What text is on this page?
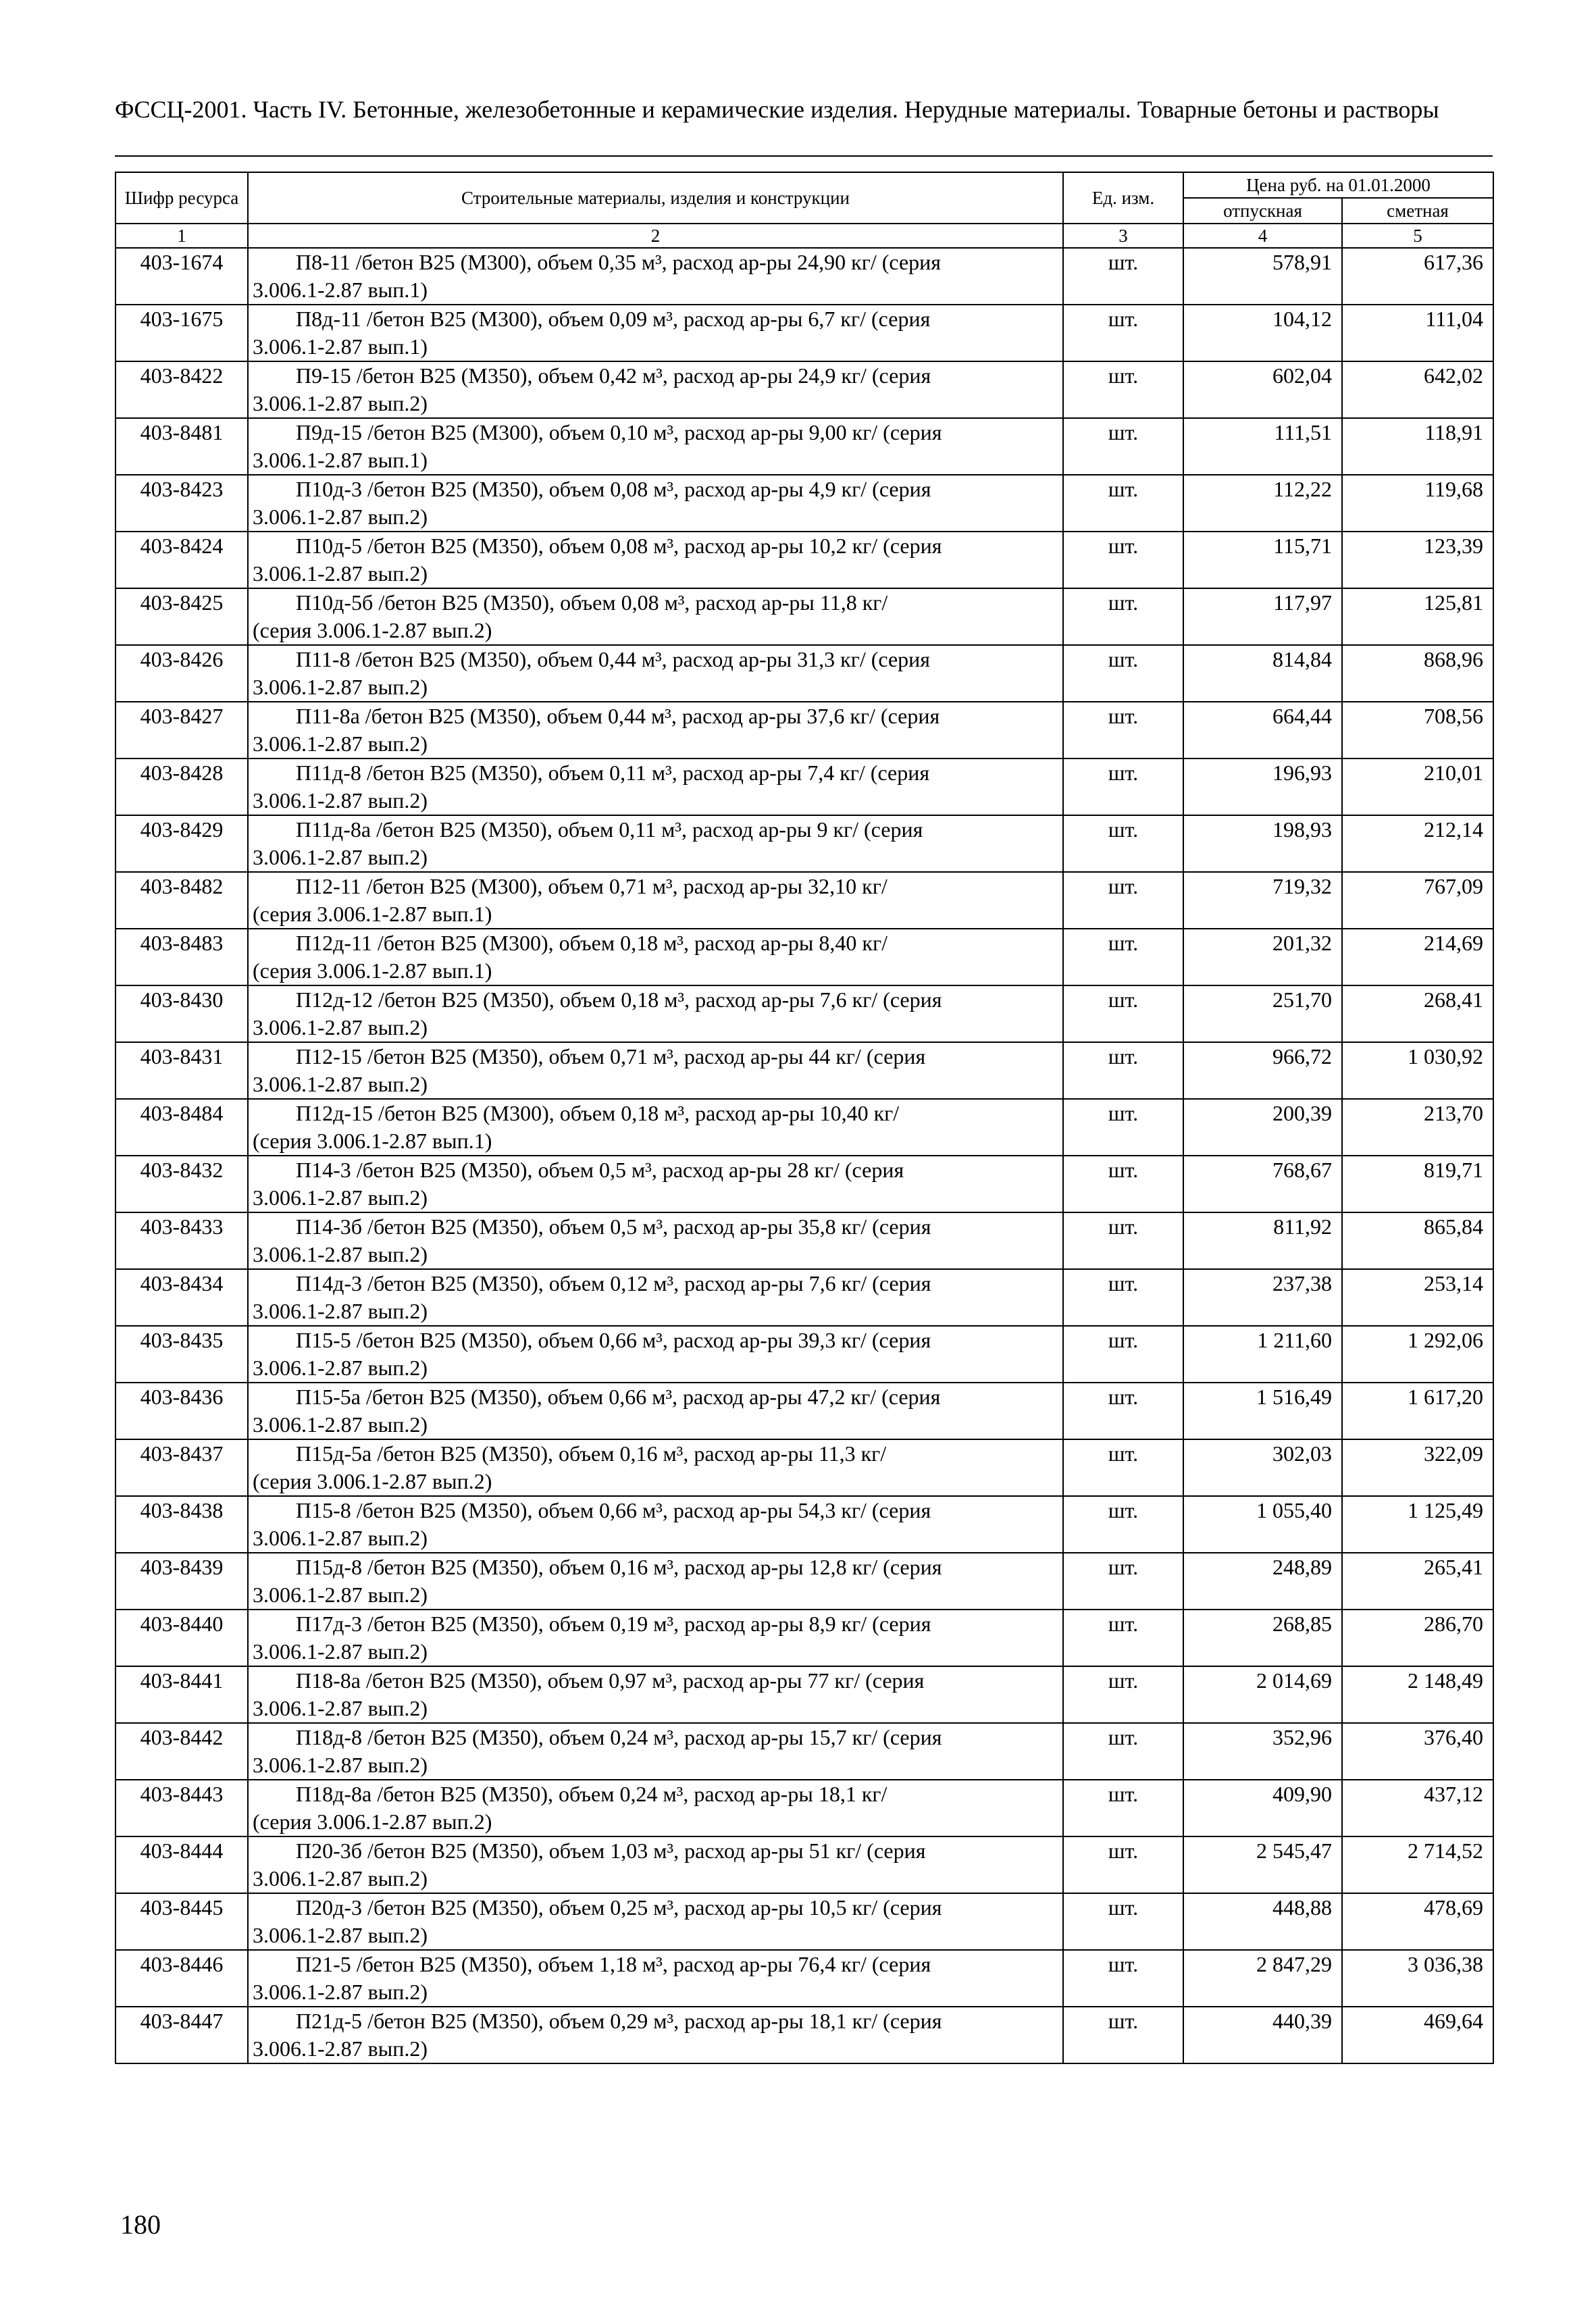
ФССЦ-2001. Часть IV. Бетонные, железобетонные и керамические изделия. Нерудные материалы. Товарные бетоны и растворы
Шифр ресурса	Строительные материалы, изделия и конструкции	Ед. изм.	Цена руб. на 01.01.2000	
			отпускная	сметная
1	2	3	4	5
403-1674	П8-11 /бетон В25 (М300), объем 0,35 м³, расход ар-ры 24,90 кг/ (серия
3.006.1-2.87 вып.1)	шт.	578,91	617,36
403-1675	П8д-11 /бетон В25 (М300), объем 0,09 м³, расход ар-ры 6,7 кг/ (серия
3.006.1-2.87 вып.1)	шт.	104,12	111,04
403-8422	П9-15 /бетон В25 (М350), объем 0,42 м³, расход ар-ры 24,9 кг/ (серия
3.006.1-2.87 вып.2)	шт.	602,04	642,02
403-8481	П9д-15 /бетон В25 (М300), объем 0,10 м³, расход ар-ры 9,00 кг/ (серия
3.006.1-2.87 вып.1)	шт.	111,51	118,91
403-8423	П10д-3 /бетон В25 (М350), объем 0,08 м³, расход ар-ры 4,9 кг/ (серия
3.006.1-2.87 вып.2)	шт.	112,22	119,68
403-8424	П10д-5 /бетон В25 (М350), объем 0,08 м³, расход ар-ры 10,2 кг/ (серия
3.006.1-2.87 вып.2)	шт.	115,71	123,39
403-8425	П10д-5б /бетон В25 (М350), объем 0,08 м³, расход ар-ры 11,8 кг/
(серия 3.006.1-2.87 вып.2)	шт.	117,97	125,81
403-8426	П11-8 /бетон В25 (М350), объем 0,44 м³, расход ар-ры 31,3 кг/ (серия
3.006.1-2.87 вып.2)	шт.	814,84	868,96
403-8427	П11-8а /бетон В25 (М350), объем 0,44 м³, расход ар-ры 37,6 кг/ (серия
3.006.1-2.87 вып.2)	шт.	664,44	708,56
403-8428	П11д-8 /бетон В25 (М350), объем 0,11 м³, расход ар-ры 7,4 кг/ (серия
3.006.1-2.87 вып.2)	шт.	196,93	210,01
403-8429	П11д-8а /бетон В25 (М350), объем 0,11 м³, расход ар-ры 9 кг/ (серия
3.006.1-2.87 вып.2)	шт.	198,93	212,14
403-8482	П12-11 /бетон В25 (М300), объем 0,71 м³, расход ар-ры 32,10 кг/
(серия 3.006.1-2.87 вып.1)	шт.	719,32	767,09
403-8483	П12д-11 /бетон В25 (М300), объем 0,18 м³, расход ар-ры 8,40 кг/
(серия 3.006.1-2.87 вып.1)	шт.	201,32	214,69
403-8430	П12д-12 /бетон В25 (М350), объем 0,18 м³, расход ар-ры 7,6 кг/ (серия
3.006.1-2.87 вып.2)	шт.	251,70	268,41
403-8431	П12-15 /бетон В25 (М350), объем 0,71 м³, расход ар-ры 44 кг/ (серия
3.006.1-2.87 вып.2)	шт.	966,72	1 030,92
403-8484	П12д-15 /бетон В25 (М300), объем 0,18 м³, расход ар-ры 10,40 кг/
(серия 3.006.1-2.87 вып.1)	шт.	200,39	213,70
403-8432	П14-3 /бетон В25 (М350), объем 0,5 м³, расход ар-ры 28 кг/ (серия
3.006.1-2.87 вып.2)	шт.	768,67	819,71
403-8433	П14-3б /бетон В25 (М350), объем 0,5 м³, расход ар-ры 35,8 кг/ (серия
3.006.1-2.87 вып.2)	шт.	811,92	865,84
403-8434	П14д-3 /бетон В25 (М350), объем 0,12 м³, расход ар-ры 7,6 кг/ (серия
3.006.1-2.87 вып.2)	шт.	237,38	253,14
403-8435	П15-5 /бетон В25 (М350), объем 0,66 м³, расход ар-ры 39,3 кг/ (серия
3.006.1-2.87 вып.2)	шт.	1 211,60	1 292,06
403-8436	П15-5а /бетон В25 (М350), объем 0,66 м³, расход ар-ры 47,2 кг/ (серия
3.006.1-2.87 вып.2)	шт.	1 516,49	1 617,20
403-8437	П15д-5а /бетон В25 (М350), объем 0,16 м³, расход ар-ры 11,3 кг/
(серия 3.006.1-2.87 вып.2)	шт.	302,03	322,09
403-8438	П15-8 /бетон В25 (М350), объем 0,66 м³, расход ар-ры 54,3 кг/ (серия
3.006.1-2.87 вып.2)	шт.	1 055,40	1 125,49
403-8439	П15д-8 /бетон В25 (М350), объем 0,16 м³, расход ар-ры 12,8 кг/ (серия
3.006.1-2.87 вып.2)	шт.	248,89	265,41
403-8440	П17д-3 /бетон В25 (М350), объем 0,19 м³, расход ар-ры 8,9 кг/ (серия
3.006.1-2.87 вып.2)	шт.	268,85	286,70
403-8441	П18-8а /бетон В25 (М350), объем 0,97 м³, расход ар-ры 77 кг/ (серия
3.006.1-2.87 вып.2)	шт.	2 014,69	2 148,49
403-8442	П18д-8 /бетон В25 (М350), объем 0,24 м³, расход ар-ры 15,7 кг/ (серия
3.006.1-2.87 вып.2)	шт.	352,96	376,40
403-8443	П18д-8а /бетон В25 (М350), объем 0,24 м³, расход ар-ры 18,1 кг/
(серия 3.006.1-2.87 вып.2)	шт.	409,90	437,12
403-8444	П20-3б /бетон В25 (М350), объем 1,03 м³, расход ар-ры 51 кг/ (серия
3.006.1-2.87 вып.2)	шт.	2 545,47	2 714,52
403-8445	П20д-3 /бетон В25 (М350), объем 0,25 м³, расход ар-ры 10,5 кг/ (серия
3.006.1-2.87 вып.2)	шт.	448,88	478,69
403-8446	П21-5 /бетон В25 (М350), объем 1,18 м³, расход ар-ры 76,4 кг/ (серия
3.006.1-2.87 вып.2)	шт.	2 847,29	3 036,38
403-8447	П21д-5 /бетон В25 (М350), объем 0,29 м³, расход ар-ры 18,1 кг/ (серия
3.006.1-2.87 вып.2)	шт.	440,39	469,64
180
